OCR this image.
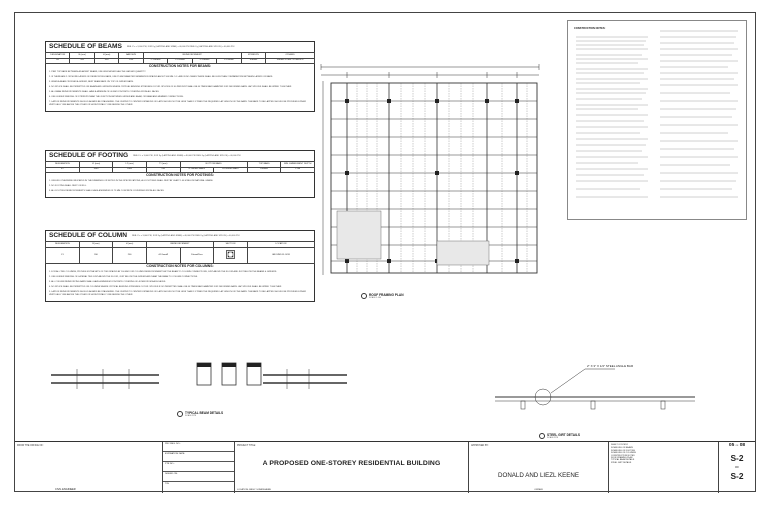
SCHEDULE OF BEAMS	REB. F'c = 3,000 PSI, FOR Fy (LAPPING AND SPAN) = 40,000 PSI REB. Fy (LAPPING AND SPLICE) = 40,000 PSI
DESIGNATION	B (mm)	H (mm)	BAR SIZE	REINFORCEMENT				STIRRUPS	OTHERS
B1	200	300	12Ø	2-12mmØ	2-12mmØ	2-12mmØ	2-12mmØ	10mmØ	10mmØ STEEL STIRRUPS
CONSTRUCTION NOTES FOR BEAMS:
1. PIER TOP BARS BETWEEN ADJACENT BEAMS, USE WHICHEVER HAS THE LARGER QUANTITY.
2. IF THERE ARE 2 OR MORE LAYERS OF REINFORCING BARS, USE 25 MM DIAMETER SEPARATION SPACED ABOUT 900 MM O.C. AND IN NO CASES THERE SHALL BE LESS THAN 2 SEPARATORS BETWEEN LAYERS OF BARS.
3. WHEN A BEAM CROSSES A GIRDER, BEST BEAM BARS ON TOP OF GIRDER BARS.
4. NO SPLICE SHALL BE PERMITTED ON BEAMS AND GIRDERS WHERE CRITICAL BENDING STRESSES OCCUR. SPLICES OF 60 PERCENT SHALL BE 40 TIMES BAR DIAMETER FOR DEFORMED BARS. LAP SPLICES SHALL BE WIRED TOGETHER.
5. ALL BEAM REINFORCEMENTS SHALL HAVE A MINIMUM OF 40 MM CONCRETE COVERING FROM ALL FACES.
6. USE LESSER SPACING OF STIRRUPS NEAR THE JUNCTION BETWEEN GIRDER AND BEAM, OR BEAM AND MEMBER CONNECTIONS.
7. LAPS IN REINFORCEMENTS SHOULD ALWAYS BE STAGGERED. THE CENTER TO CENTER DISTANCES OF LAPS SHOULD NOT BE LESS THAN 1.3 TIMES THE REQUIRED LAP LENGTH OF THE BARS. THE BARS TO BE LAPPED SHOULD BE PROVIDED EITHER VERTICALLY ONE ABOVE THE OTHER OR HORIZONTALLY ONE BESIDE THE OTHER.
SCHEDULE OF FOOTING	REB. F'c = 3,000 PSI, FOR Fy (LAPPING AND SPAN) = 40,000 PSI REB. Fy (LAPPING AND SPLICE) = 40,000 PSI
DESIGNATION	L1 (mm)	L2 (mm)	T1 (mm)	BOTTOM BARS		TOP BARS	MIN. EMBEDMENT DEPTH
F1	1000	1000	250	8-10mmØ BARS	8-10mmØ BARS	10mmØ	1.0m
CONSTRUCTION NOTES FOR FOOTINGS:
1. UNLESS OTHERWISE INDICATED IN THE DRAWINGS OR NOTED IN THE SPECIFICATIONS, ALL FOOTINGS SHALL REST AT LEAST 1.00 M BELOW NATURAL GRADE.
2. NO FOOTING SHALL REST ON FILL.
3. ALL FOOTING REINFORCEMENTS SHALL HAVE A MINIMUM OF 75 MM CONCRETE COVERINGS FROM ALL FACES.
SCHEDULE OF COLUMN	REB. F'c = 3,000 PSI, FOR Fy (LAPPING AND SPAN) = 40,000 PSI REB. Fy (LAPPING AND SPLICE) = 40,000 PSI
DESIGNATION	B (mm)	H (mm)	REINFORCEMENT		SECTION	LOCATION
C1	200	200	4-12mmØ	10mmØ bar		GROUND FLOOR
CONSTRUCTION NOTES FOR COLUMNS:
1. FOR ALL TIED COLUMNS, PROVIDE EXTRA SETS OF TIES SPACED AT 100 MM. FOR COLUMN REINFORCEMENTS AT THE BEAM TO COLUMN CONNECTIONS, JUST ABOVE THE FLOOR AND JUST BELOW THE BEAMS & GIRDERS.
2. USE LESSER SPACING OF LATERAL TIES JUST ABOVE THE FLOOR, JUST BELOW THE GIRDER AND NEAR THE BEAM TO COLUMN CONNECTIONS.
3. ALL COLUMN REINFORCING BARS SHALL HAVE A MINIMUM CONCRETE COVERING OF 40 MM FROM EACH FACES.
4. NO SPLICE SHALL BE PERMITTED ON COLUMNS WHERE CRITICAL BENDING STRESSES OCCUR. SPLICES IF SO PERMITTED SHALL BE 40 TIMES BAR DIAMETER FOR DEFORMED BARS. LAP SPLICES SHALL BE WIRED TOGETHER.
5. LAPS IN REINFORCEMENTS SHOULD ALWAYS BE STAGGERED. THE CENTER TO CENTER DISTANCES OF LAPS SHOULD NOT BE LESS THAN 1.3 TIMES THE REQUIRED LAP LENGTH OF THE BARS. THE BARS TO BE LAPPED SHOULD BE PROVIDED EITHER VERTICALLY ONE ABOVE THE OTHER OR HORIZONTALLY ONE BESIDE THE OTHER.	ROOF FRAMING PLAN
SCALE 1:100
TYPICAL BEAM DETAILS
SCALE NTS
2" X 3" X 1/4" STEEL ANGLE BAR
STEEL GIRT DETAILS
SCALE NTS
FROM THE OFFICE OF:
CIVIL ENGINEER
PRC REG. NO.:
EXPIRATION DATE:
PTR NO.:
ISSUED ON:
TIN:
PROJECT TITLE:
A PROPOSED ONE-STOREY RESIDENTIAL BUILDING
LOCATION: BRGY. SOMEWHERE
APPROVED BY:
DONALD AND LIEZL KEENE
OWNER
SHEET CONTENT:
SCHEDULE OF BEAMS
SCHEDULE OF FOOTING
SCHEDULE OF COLUMNS
CONSTRUCTION NOTES
ROOF FRAMING PLAN
TYPICAL BEAM DETAILS
STEEL GIRT DETAILS
05 OF 08
S-2
OF
S-2
CONSTRUCTION NOTES:
